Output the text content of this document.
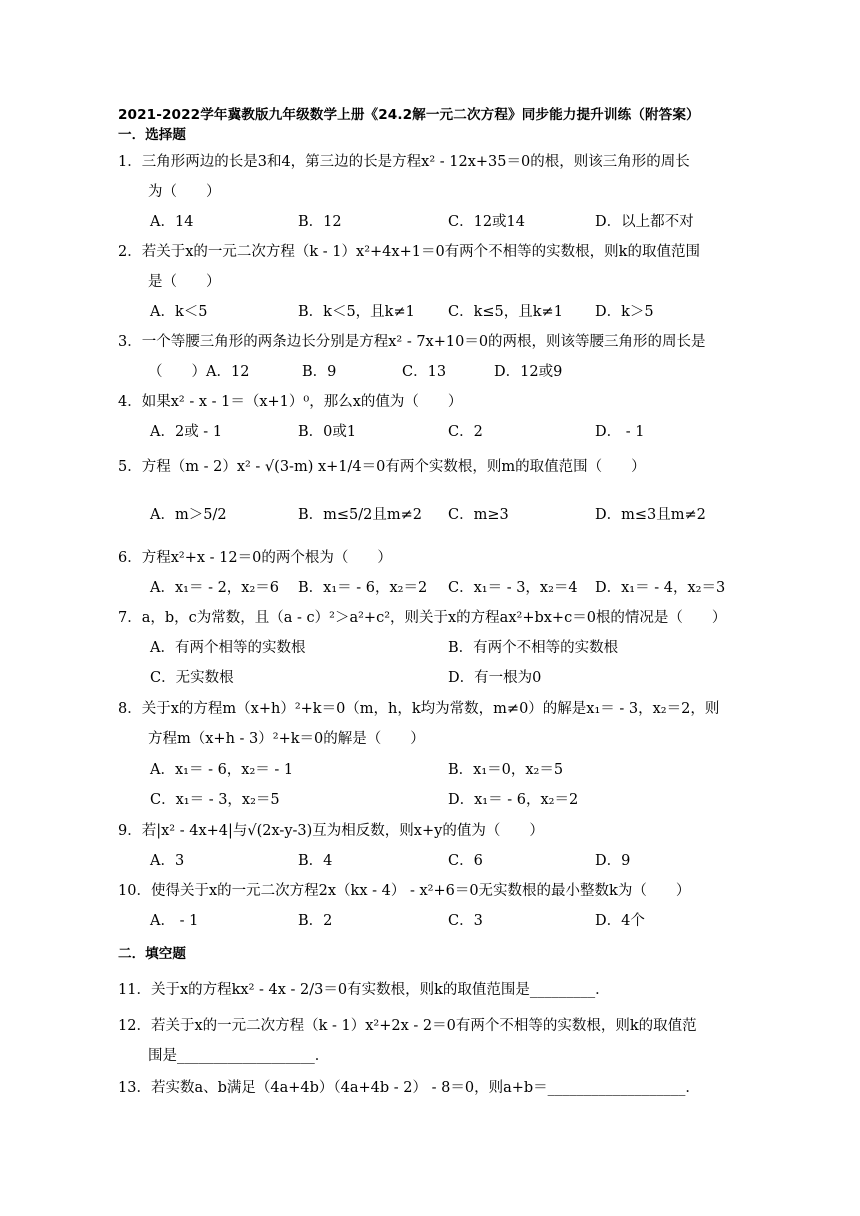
2021-2022学年冀教版九年级数学上册《24.2解一元二次方程》同步能力提升训练（附答案）
一．选择题
1．三角形两边的长是3和4，第三边的长是方程x² - 12x+35＝0的根，则该三角形的周长
为（　　）
A．14	B．12	C．12或14	D．以上都不对
2．若关于x的一元二次方程（k - 1）x²+4x+1＝0有两个不相等的实数根，则k的取值范围
是（　　）
A．k＜5	B．k＜5，且k≠1 C．k≤5，且k≠1 D．k＞5
3．一个等腰三角形的两条边长分别是方程x² - 7x+10＝0的两根，则该等腰三角形的周长是
（　　）A．12	B．9	C．13	D．12或9
4．如果x² - x - 1＝（x+1）⁰，那么x的值为（　　）
A．2或 - 1	B．0或1	C．2	D． - 1
5．方程（m - 2）x² - √(3-m) x+1/4＝0有两个实数根，则m的取值范围（　　）
A．m＞5/2	B．m≤5/2且m≠2 C．m≥3	D．m≤3且m≠2
6．方程x²+x - 12＝0的两个根为（　　）
A．x₁＝ - 2，x₂＝6 B．x₁＝ - 6，x₂＝2 C．x₁＝ - 3，x₂＝4 D．x₁＝ - 4，x₂＝3
7．a，b，c为常数，且（a - c）²＞a²+c²，则关于x的方程ax²+bx+c＝0根的情况是（　　）
A．有两个相等的实数根	B．有两个不相等的实数根
C．无实数根	D．有一根为0
8．关于x的方程m（x+h）²+k＝0（m，h，k均为常数，m≠0）的解是x₁＝ - 3，x₂＝2，则
方程m（x+h - 3）²+k＝0的解是（　　）
A．x₁＝ - 6，x₂＝ - 1	B．x₁＝0，x₂＝5
C．x₁＝ - 3，x₂＝5	D．x₁＝ - 6，x₂＝2
9．若|x² - 4x+4|与√(2x-y-3)互为相反数，则x+y的值为（　　）
A．3	B．4	C．6	D．9
10．使得关于x的一元二次方程2x（kx - 4） - x²+6＝0无实数根的最小整数k为（　　）
A． - 1	B．2	C．3	D．4个
二．填空题
11．关于x的方程kx² - 4x - 2/3＝0有实数根，则k的取值范围是_________．
12．若关于x的一元二次方程（k - 1）x²+2x - 2＝0有两个不相等的实数根，则k的取值范
围是___________________．
13．若实数a、b满足（4a+4b）（4a+4b - 2） - 8＝0，则a+b＝___________________．
